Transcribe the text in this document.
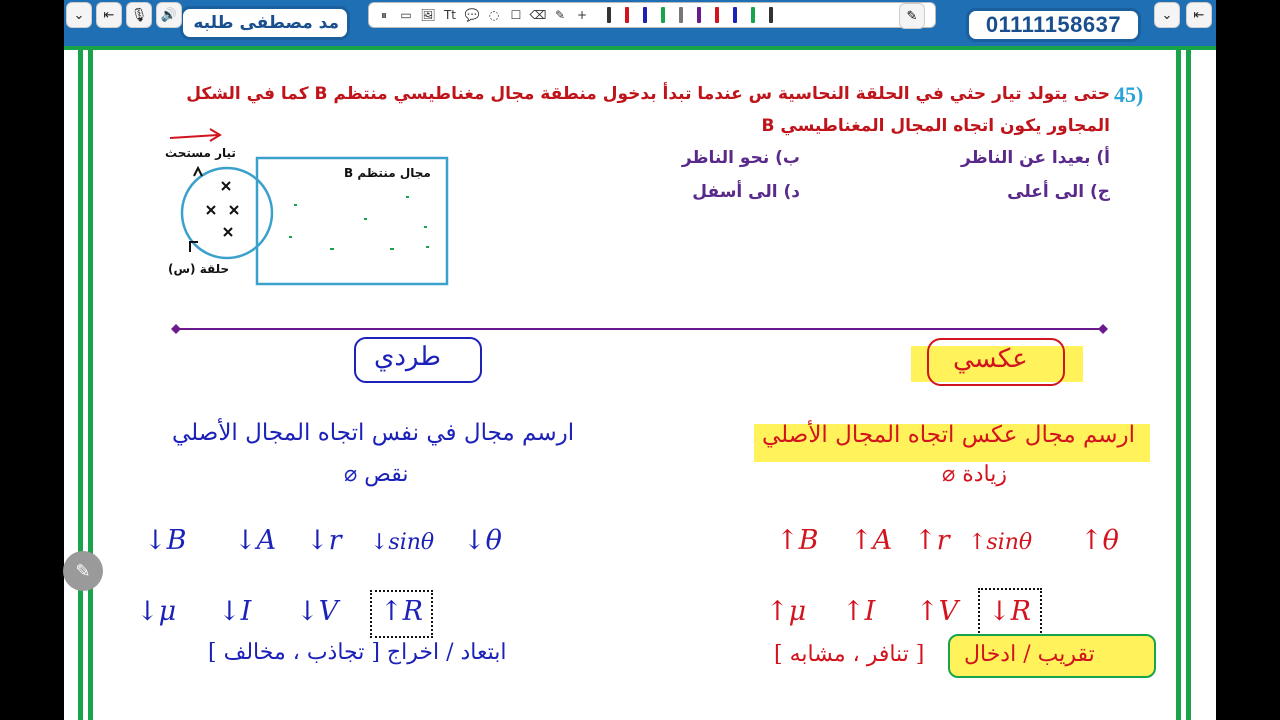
مد مصطفى طلبه	01111158637
⌄	⇤	🎙	🔊	⏸	▭ 🖼 Tt 💬 ◌ ☐ ⌫ ✎ +	✎	⌄	⇤
45)
حتى يتولد تيار حثي في الحلقة النحاسية س عندما تبدأ بدخول منطقة مجال مغناطيسي منتظم B كما في الشكل
المجاور يكون اتجاه المجال المغناطيسي B
أ) بعيدا عن الناظر
ب) نحو الناظر
ج) الى أعلى
د) الى أسفل
تيار مستحث
مجال منتظم B
حلقة (س)
طردي	عكسي
ارسم مجال في نفس اتجاه المجال الأصلي
نقص ⌀
ارسم مجال عكس اتجاه المجال الأصلي
زيادة ⌀
↓B ↓A ↓r ↓sinθ ↓θ
↓μ ↓I ↓V ↑R
↑B ↑A ↑r ↑sinθ ↑θ
↑μ ↑I ↑V ↓R
ابتعاد / اخراج [ تجاذب ، مخالف ]	[ تنافر ، مشابه ] تقريب / ادخال
✎
